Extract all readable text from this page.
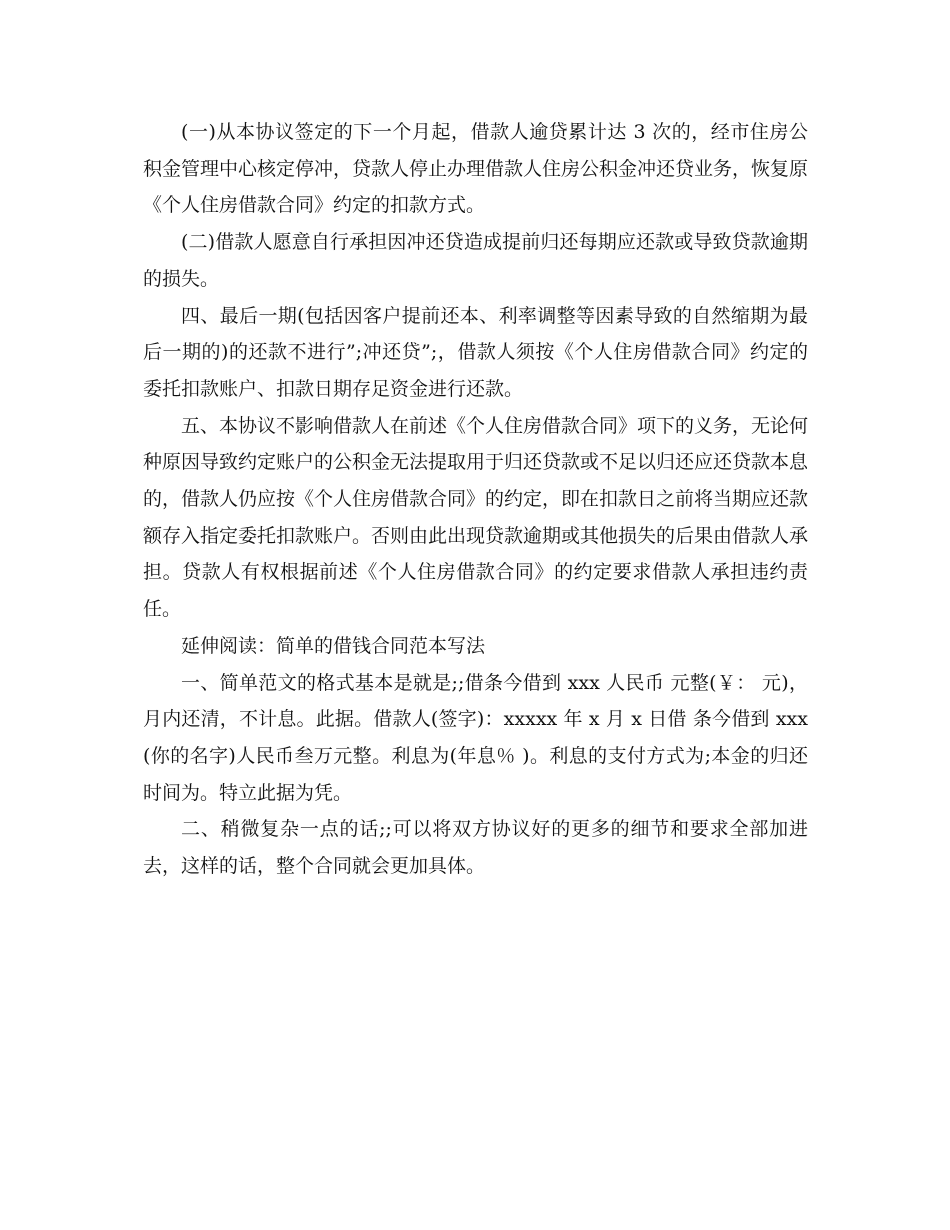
(一)从本协议签定的下一个月起，借款人逾贷累计达 3 次的，经市住房公积金管理中心核定停冲，贷款人停止办理借款人住房公积金冲还贷业务，恢复原《个人住房借款合同》约定的扣款方式。

(二)借款人愿意自行承担因冲还贷造成提前归还每期应还款或导致贷款逾期的损失。

四、最后一期(包括因客户提前还本、利率调整等因素导致的自然缩期为最后一期的)的还款不进行”;冲还贷”;，借款人须按《个人住房借款合同》约定的委托扣款账户、扣款日期存足资金进行还款。

五、本协议不影响借款人在前述《个人住房借款合同》项下的义务，无论何种原因导致约定账户的公积金无法提取用于归还贷款或不足以归还应还贷款本息的，借款人仍应按《个人住房借款合同》的约定，即在扣款日之前将当期应还款额存入指定委托扣款账户。否则由此出现贷款逾期或其他损失的后果由借款人承担。贷款人有权根据前述《个人住房借款合同》的约定要求借款人承担违约责任。

延伸阅读：简单的借钱合同范本写法

一、简单范文的格式基本是就是;;借条今借到 xxx 人民币 元整(￥： 元)， 月内还清，不计息。此据。借款人(签字)：xxxxx 年 x 月 x 日借 条今借到 xxx(你的名字)人民币叁万元整。利息为(年息％ )。利息的支付方式为;本金的归还时间为。特立此据为凭。

二、稍微复杂一点的话;;可以将双方协议好的更多的细节和要求全部加进去，这样的话，整个合同就会更加具体。
